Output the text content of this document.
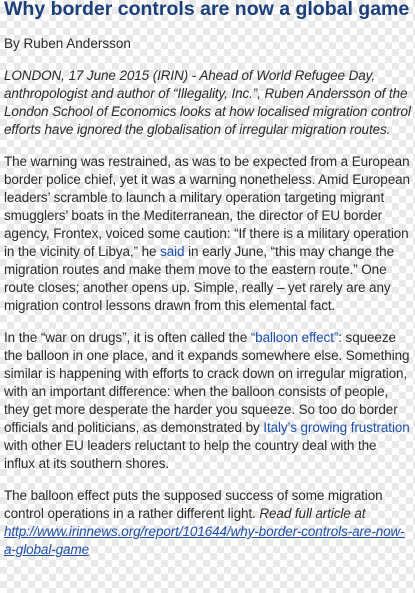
Why border controls are now a global game
By Ruben Andersson

LONDON, 17 June 2015 (IRIN) - Ahead of World Refugee Day, anthropologist and author of “Illegality, Inc.”, Ruben Andersson of the London School of Economics looks at how localised migration control efforts have ignored the globalisation of irregular migration routes.

The warning was restrained, as was to be expected from a European border police chief, yet it was a warning nonetheless. Amid European leaders’ scramble to launch a military operation targeting migrant smugglers’ boats in the Mediterranean, the director of EU border agency, Frontex, voiced some caution: “If there is a military operation in the vicinity of Libya,” he said in early June, “this may change the migration routes and make them move to the eastern route.” One route closes; another opens up. Simple, really – yet rarely are any migration control lessons drawn from this elemental fact.

In the “war on drugs”, it is often called the “balloon effect”: squeeze the balloon in one place, and it expands somewhere else. Something similar is happening with efforts to crack down on irregular migration, with an important difference: when the balloon consists of people, they get more desperate the harder you squeeze. So too do border officials and politicians, as demonstrated by Italy’s growing frustration with other EU leaders reluctant to help the country deal with the influx at its southern shores.

The balloon effect puts the supposed success of some migration control operations in a rather different light. Read full article at http://www.irinnews.org/report/101644/why-border-controls-are-now-a-global-game
